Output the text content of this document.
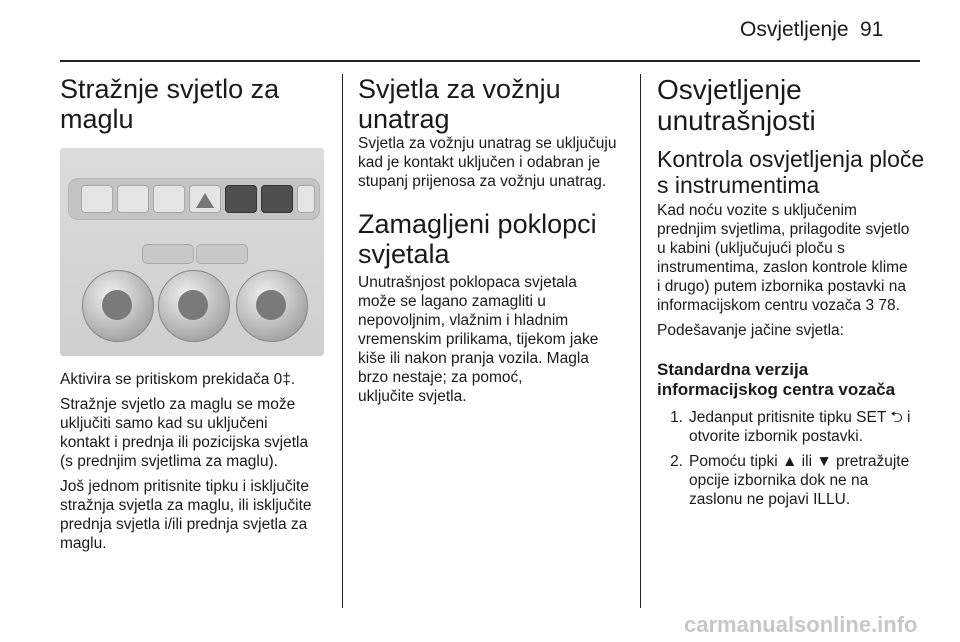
Osvjetljenje 91
Stražnje svjetlo za maglu

Aktivira se pritiskom prekidača 0‡.

Stražnje svjetlo za maglu se može

uključiti samo kad su uključeni

kontakt i prednja ili pozicijska svjetla

(s prednjim svjetlima za maglu).

Još jednom pritisnite tipku i isključite

stražnja svjetla za maglu, ili isključite

prednja svjetla i/ili prednja svjetla za

maglu.

Svjetla za vožnju unatrag

Svjetla za vožnju unatrag se uključuju

kad je kontakt uključen i odabran je

stupanj prijenosa za vožnju unatrag.

Zamagljeni poklopci
svjetala

Unutrašnjost poklopaca svjetala

može se lagano zamagliti u

nepovoljnim, vlažnim i hladnim

vremenskim prilikama, tijekom jake

kiše ili nakon pranja vozila. Magla

brzo nestaje; za pomoć,

uključite svjetla.

Osvjetljenje
unutrašnjosti
Kontrola osvjetljenja ploče
s instrumentima

Kad noću vozite s uključenim

prednjim svjetlima, prilagodite svjetlo

u kabini (uključujući ploču s

instrumentima, zaslon kontrole klime

i drugo) putem izbornika postavki na

informacijskom centru vozača 3 78.

Podešavanje jačine svjetla:

Standardna verzija
informacijskog centra vozača
1. Jedanput pritisnite tipku SET ⮌ i
otvorite izbornik postavki.
2. Pomoću tipki ▲ ili ▼ pretražujte
opcije izbornika dok ne na
zaslonu ne pojavi ILLU.
carmanualsonline.info
